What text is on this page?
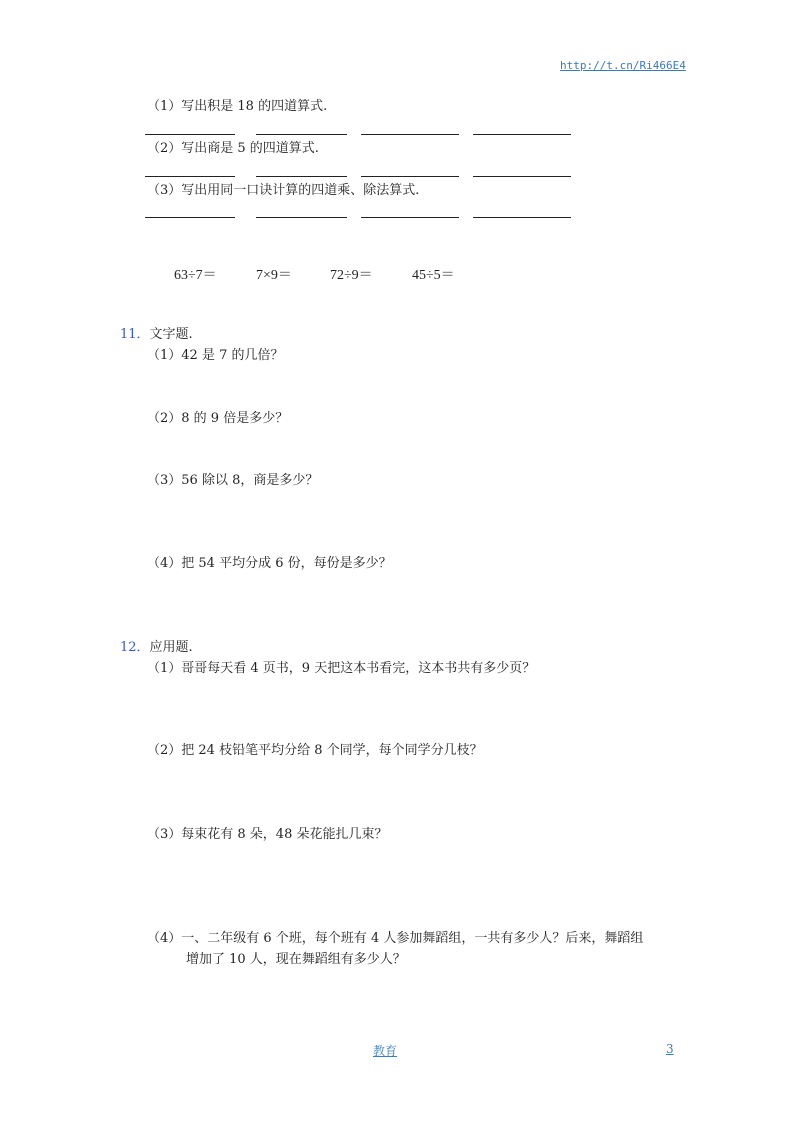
http://t.cn/Ri466E4
（1）写出积是 18 的四道算式.
（2）写出商是 5 的四道算式.
（3）写出用同一口诀计算的四道乘、除法算式.
63÷7＝	7×9＝	72÷9＝	45÷5＝
11．文字题.
（1）42 是 7 的几倍？
（2）8 的 9 倍是多少？
（3）56 除以 8，商是多少？
（4）把 54 平均分成 6 份，每份是多少？
12．应用题.
（1）哥哥每天看 4 页书，9 天把这本书看完，这本书共有多少页？
（2）把 24 枝铅笔平均分给 8 个同学，每个同学分几枝？
（3）每束花有 8 朵，48 朵花能扎几束？
（4）一、二年级有 6 个班，每个班有 4 人参加舞蹈组，一共有多少人？后来，舞蹈组
增加了 10 人，现在舞蹈组有多少人？
教育	3
